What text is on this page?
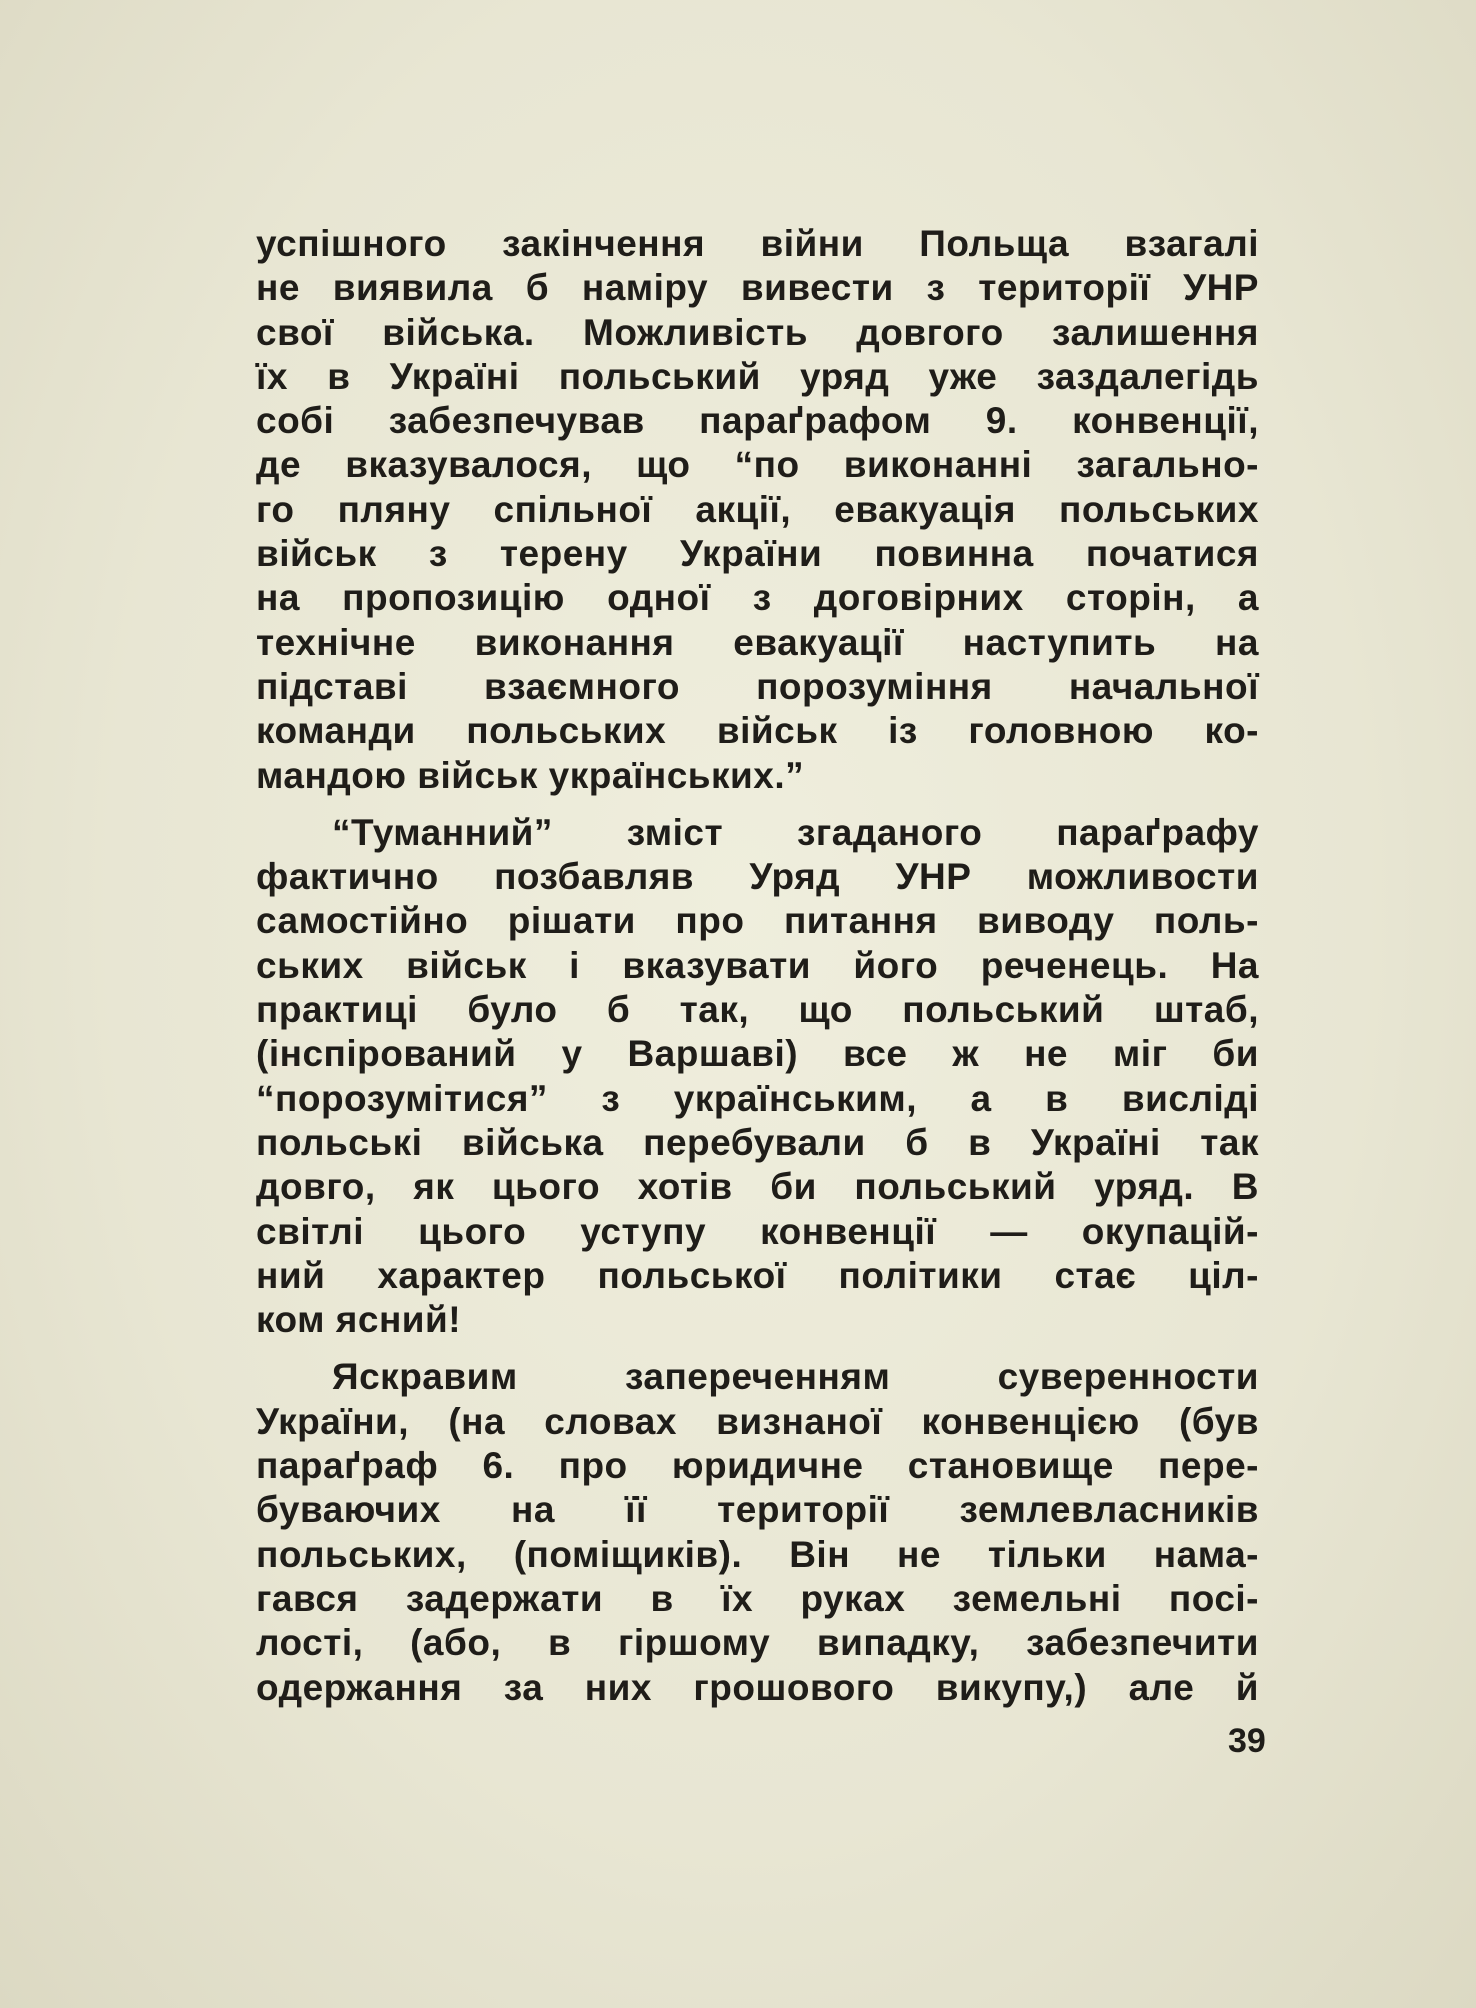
успішного закінчення війни Польща взагалі
не виявила б наміру вивести з території УНР
свої війська. Можливість довгого залишення
їх в Україні польський уряд уже заздалегідь
собі забезпечував параґрафом 9. конвенції,
де вказувалося, що “по виконанні загально-
го пляну спільної акції, евакуація польських
військ з терену України повинна початися
на пропозицію одної з договірних сторін, а
технічне виконання евакуації наступить на
підставі взаємного порозуміння начальної
команди польських військ із головною ко-
мандою військ українських.”

“Туманний” зміст згаданого параґрафу
фактично позбавляв Уряд УНР можливости
самостійно рішати про питання виводу поль-
ських військ і вказувати його реченець. На
практиці було б так, що польський штаб,
(інспірований у Варшаві) все ж не міг би
“порозумітися” з українським, а в висліді
польські війська перебували б в Україні так
довго, як цього хотів би польський уряд. В
світлі цього уступу конвенції — окупацій-
ний характер польської політики стає ціл-
ком ясний!

Яскравим запереченням суверенности
України, (на словах визнаної конвенцією (був
параґраф 6. про юридичне становище пере-
буваючих на її території землевласників
польських, (поміщиків). Він не тільки нама-
гався задержати в їх руках земельні посі-
лості, (або, в гіршому випадку, забезпечити
одержання за них грошового викупу,) але й

39
